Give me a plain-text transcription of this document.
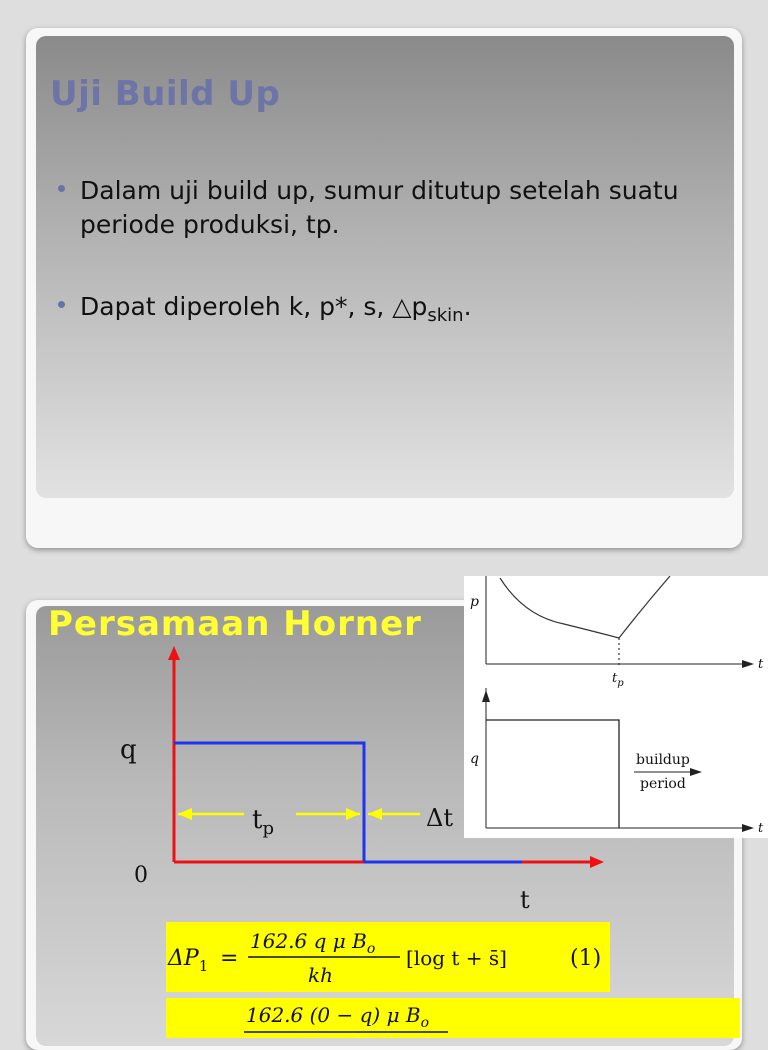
Uji Build Up
Dalam uji build up, sumur ditutup setelah suatu periode produksi, tp.
Dapat diperoleh k, p*, s, $\triangle p_{skin}$.
Persamaan Horner
q
0
t
$t_p$	Δt
p
t
$t_p$
q
t
buildup
period
$\Delta P_1$ =
162.6 q μ $B_o$
kh
[log t + s̄]	(1)
162.6 (0 − q) μ $B_o$
